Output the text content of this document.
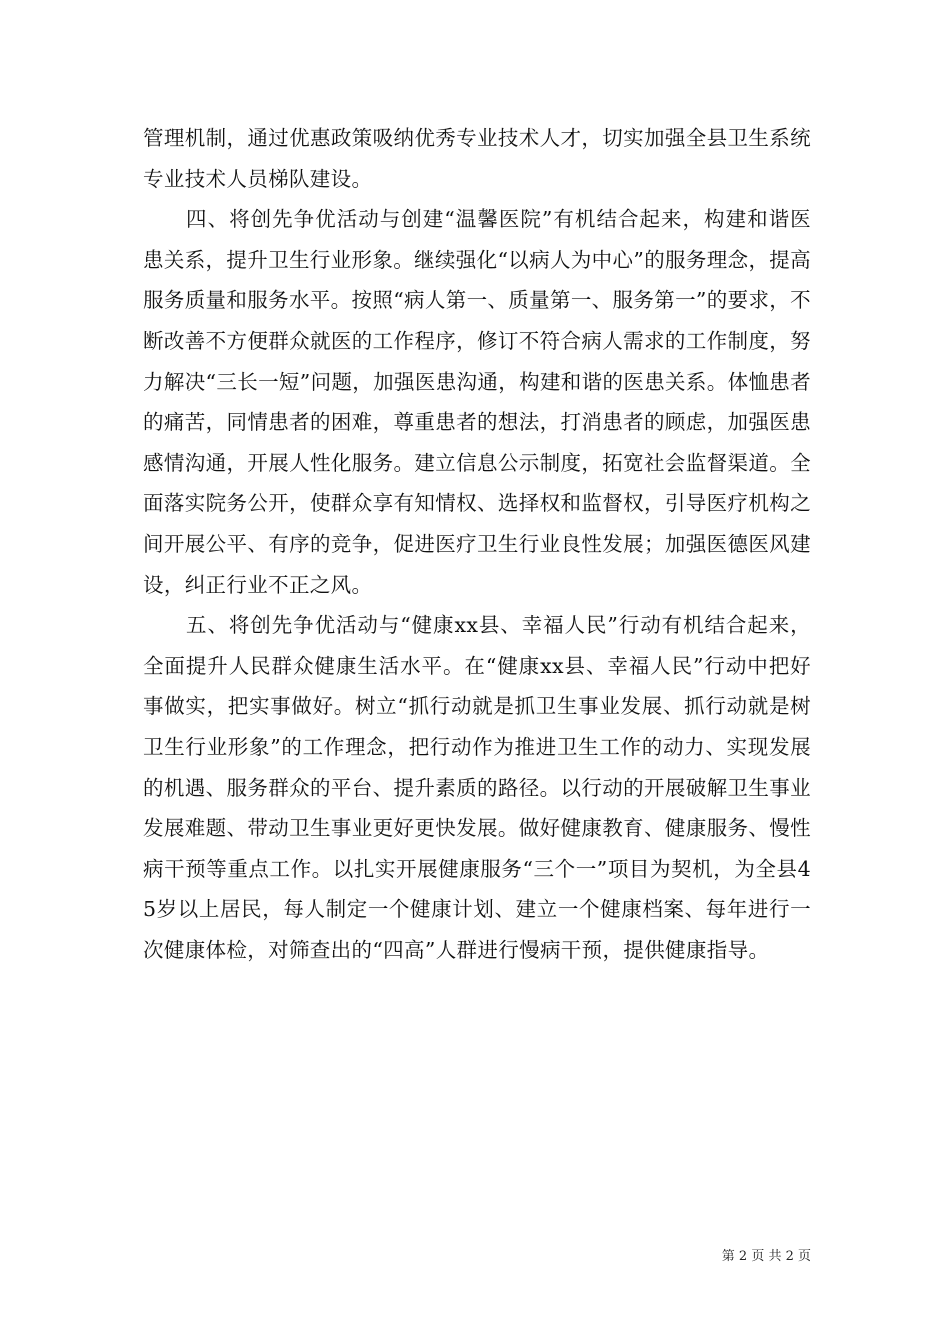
管理机制，通过优惠政策吸纳优秀专业技术人才，切实加强全县卫生系统专业技术人员梯队建设。

四、将创先争优活动与创建“温馨医院”有机结合起来，构建和谐医患关系，提升卫生行业形象。继续强化“以病人为中心”的服务理念，提高服务质量和服务水平。按照“病人第一、质量第一、服务第一”的要求，不断改善不方便群众就医的工作程序，修订不符合病人需求的工作制度，努力解决“三长一短”问题，加强医患沟通，构建和谐的医患关系。体恤患者的痛苦，同情患者的困难，尊重患者的想法，打消患者的顾虑，加强医患感情沟通，开展人性化服务。建立信息公示制度，拓宽社会监督渠道。全面落实院务公开，使群众享有知情权、选择权和监督权，引导医疗机构之间开展公平、有序的竞争，促进医疗卫生行业良性发展；加强医德医风建设，纠正行业不正之风。

五、将创先争优活动与“健康xx县、幸福人民”行动有机结合起来，全面提升人民群众健康生活水平。在“健康xx县、幸福人民”行动中把好事做实，把实事做好。树立“抓行动就是抓卫生事业发展、抓行动就是树卫生行业形象”的工作理念，把行动作为推进卫生工作的动力、实现发展的机遇、服务群众的平台、提升素质的路径。以行动的开展破解卫生事业发展难题、带动卫生事业更好更快发展。做好健康教育、健康服务、慢性病干预等重点工作。以扎实开展健康服务“三个一”项目为契机，为全县45岁以上居民，每人制定一个健康计划、建立一个健康档案、每年进行一次健康体检，对筛查出的“四高”人群进行慢病干预，提供健康指导。

第 2 页 共 2 页
